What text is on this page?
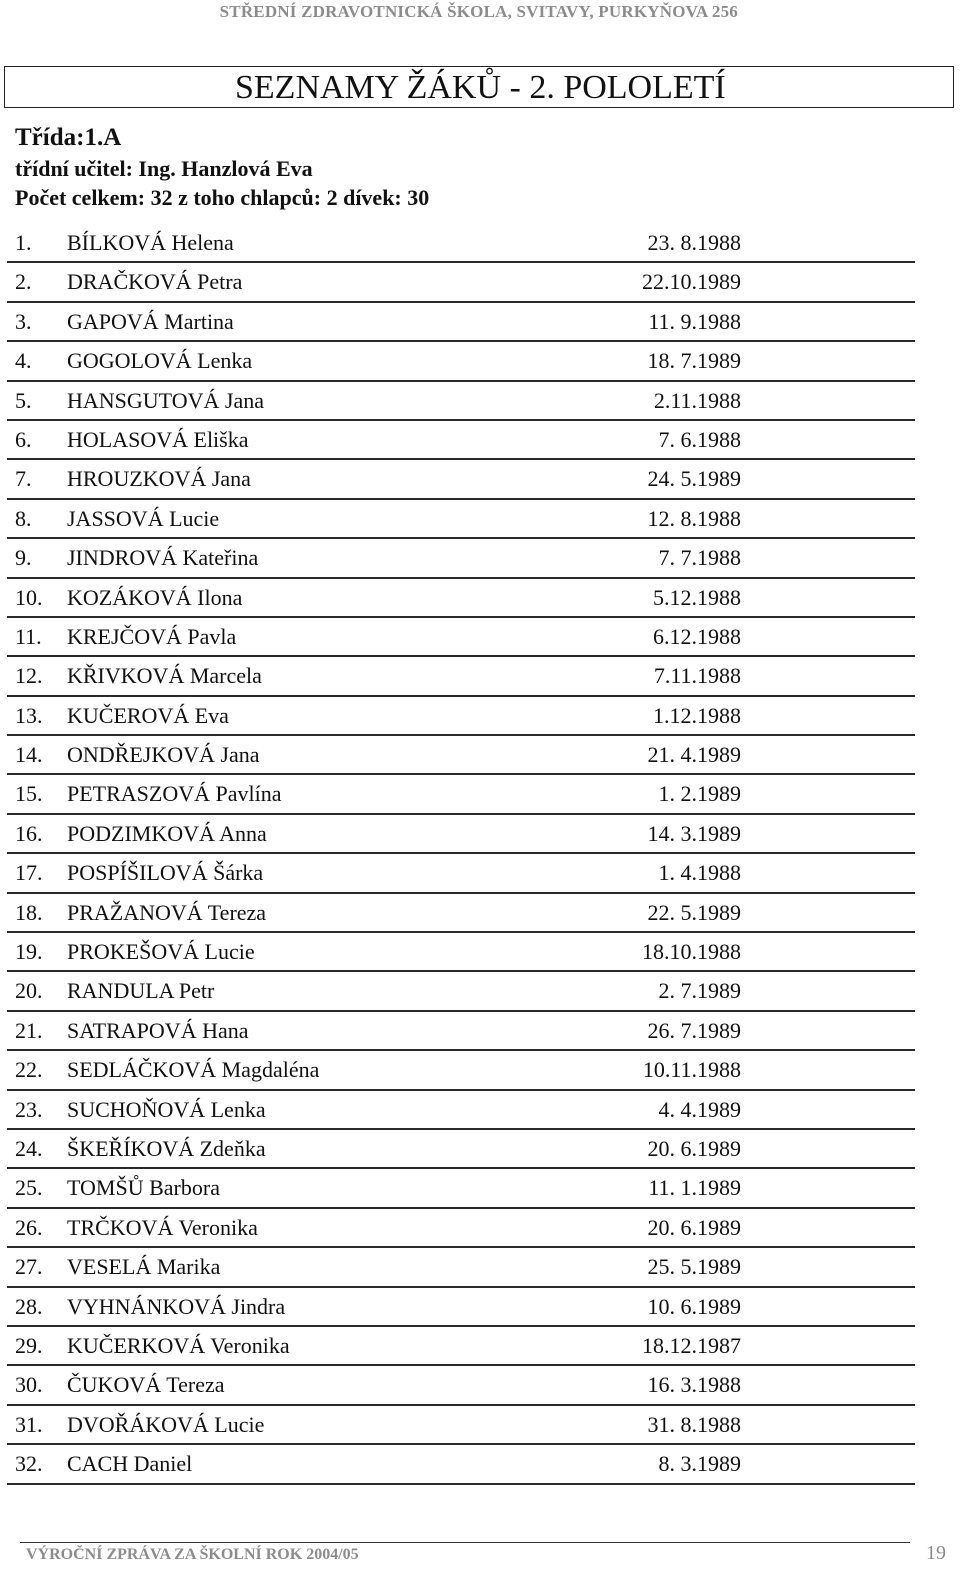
STŘEDNÍ ZDRAVOTNICKÁ ŠKOLA, SVITAVY, PURKYŇOVA 256
SEZNAMY ŽÁKŮ - 2. POLOLETÍ
Třída:1.A
třídní učitel: Ing. Hanzlová Eva
Počet celkem: 32 z toho chlapců: 2 dívek: 30
1. BÍLKOVÁ Helena	23. 8.1988
2. DRAČKOVÁ Petra	22.10.1989
3. GAPOVÁ Martina	11. 9.1988
4. GOGOLOVÁ Lenka	18. 7.1989
5. HANSGUTOVÁ Jana	2.11.1988
6. HOLASOVÁ Eliška	7. 6.1988
7. HROUZKOVÁ Jana	24. 5.1989
8. JASSOVÁ Lucie	12. 8.1988
9. JINDROVÁ Kateřina	7. 7.1988
10. KOZÁKOVÁ Ilona	5.12.1988
11. KREJČOVÁ Pavla	6.12.1988
12. KŘIVKOVÁ Marcela	7.11.1988
13. KUČEROVÁ Eva	1.12.1988
14. ONDŘEJKOVÁ Jana	21. 4.1989
15. PETRASZOVÁ Pavlína	1. 2.1989
16. PODZIMKOVÁ Anna	14. 3.1989
17. POSPÍŠILOVÁ Šárka	1. 4.1988
18. PRAŽANOVÁ Tereza	22. 5.1989
19. PROKEŠOVÁ Lucie	18.10.1988
20. RANDULA Petr	2. 7.1989
21. SATRAPOVÁ Hana	26. 7.1989
22. SEDLÁČKOVÁ Magdaléna	10.11.1988
23. SUCHOŇOVÁ Lenka	4. 4.1989
24. ŠKEŘÍKOVÁ Zdeňka	20. 6.1989
25. TOMŠŮ Barbora	11. 1.1989
26. TRČKOVÁ Veronika	20. 6.1989
27. VESELÁ Marika	25. 5.1989
28. VYHNÁNKOVÁ Jindra	10. 6.1989
29. KUČERKOVÁ Veronika	18.12.1987
30. ČUKOVÁ Tereza	16. 3.1988
31. DVOŘÁKOVÁ Lucie	31. 8.1988
32. CACH Daniel	8. 3.1989
VÝROČNÍ ZPRÁVA ZA ŠKOLNÍ ROK 2004/05	19
